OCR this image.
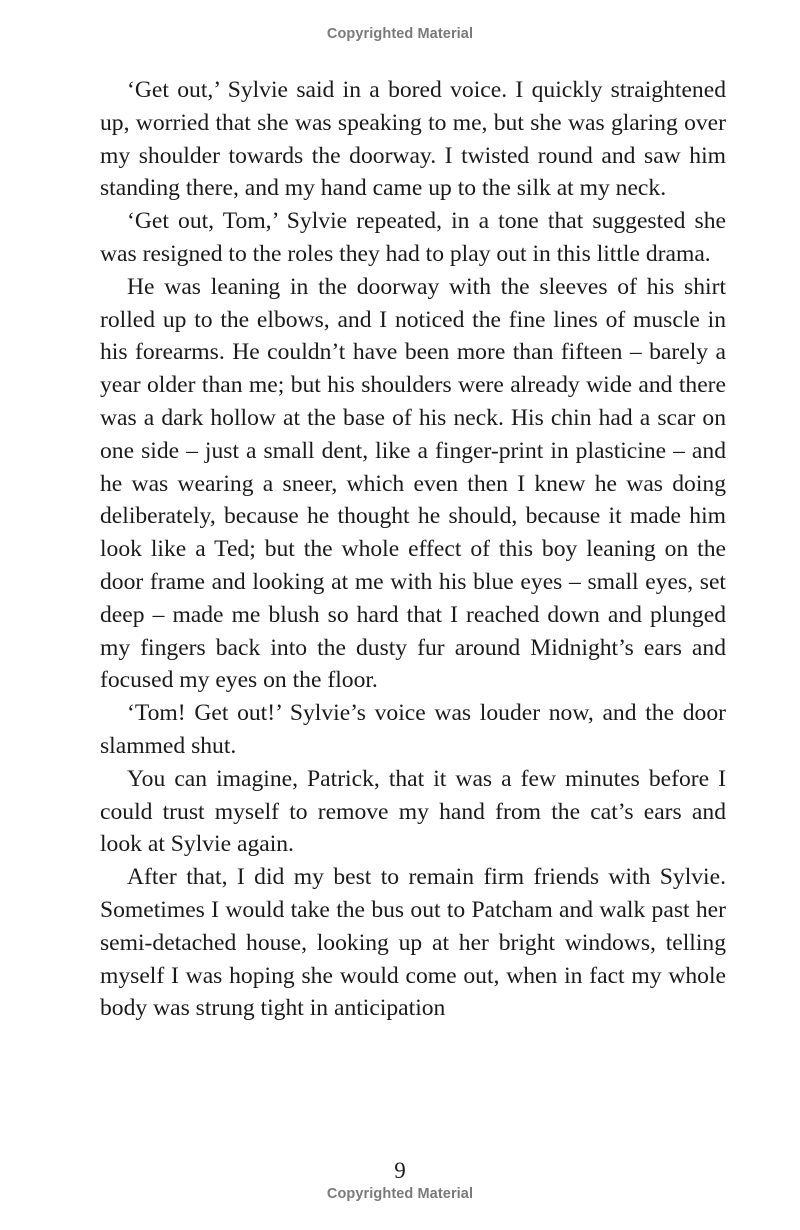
Copyrighted Material

‘Get out,’ Sylvie said in a bored voice. I quickly straightened up, worried that she was speaking to me, but she was glaring over my shoulder towards the doorway. I twisted round and saw him standing there, and my hand came up to the silk at my neck.

‘Get out, Tom,’ Sylvie repeated, in a tone that suggested she was resigned to the roles they had to play out in this little drama.

He was leaning in the doorway with the sleeves of his shirt rolled up to the elbows, and I noticed the fine lines of muscle in his forearms. He couldn’t have been more than fifteen – barely a year older than me; but his shoulders were already wide and there was a dark hollow at the base of his neck. His chin had a scar on one side – just a small dent, like a finger-print in plasticine – and he was wearing a sneer, which even then I knew he was doing deliberately, because he thought he should, because it made him look like a Ted; but the whole effect of this boy leaning on the door frame and looking at me with his blue eyes – small eyes, set deep – made me blush so hard that I reached down and plunged my fingers back into the dusty fur around Midnight’s ears and focused my eyes on the floor.

‘Tom! Get out!’ Sylvie’s voice was louder now, and the door slammed shut.

You can imagine, Patrick, that it was a few minutes before I could trust myself to remove my hand from the cat’s ears and look at Sylvie again.

After that, I did my best to remain firm friends with Sylvie. Sometimes I would take the bus out to Patcham and walk past her semi-detached house, looking up at her bright windows, telling myself I was hoping she would come out, when in fact my whole body was strung tight in anticipation

9
Copyrighted Material
